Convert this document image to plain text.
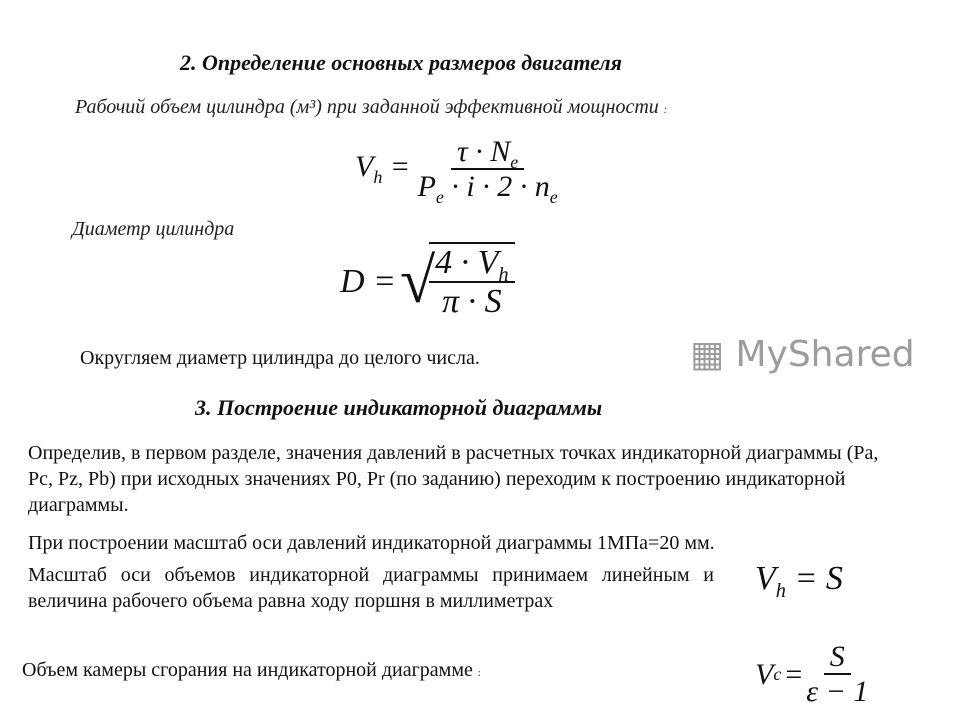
2. Определение основных размеров двигателя
Рабочий объем цилиндра (м³) при заданной эффективной мощности :
$V_h = \frac{\tau \cdot N_e}{P_e \cdot i \cdot 2 \cdot n_e}$
Диаметр цилиндра
D = √
$\frac{4 \cdot V_h}{\pi \cdot S}$
Округляем диаметр цилиндра до целого числа.
3. Построение индикаторной диаграммы
Определив, в первом разделе, значения давлений в расчетных точках индикаторной диаграммы (Pa, Pc, Pz, Pb) при исходных значениях P0, Pr (по заданию) переходим к построению индикаторной диаграммы.
При построении масштаб оси давлений индикаторной диаграммы 1МПа=20 мм.
Масштаб оси объемов индикаторной диаграммы принимаем линейным и величина рабочего объема равна ходу поршня в миллиметрах
$V_h = S$
Объем камеры сгорания на индикаторной диаграмме :	V $c = \frac{S}{\varepsilon - 1}$
▦ MyShared
